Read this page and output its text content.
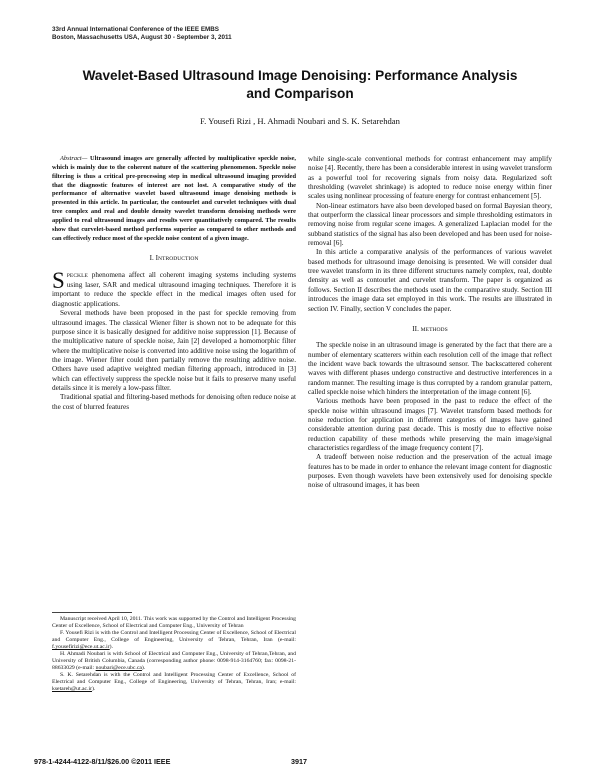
33rd Annual International Conference of the IEEE EMBS
Boston, Massachusetts USA, August 30 - September 3, 2011
Wavelet-Based Ultrasound Image Denoising: Performance Analysis
and Comparison
F. Yousefi Rizi , H. Ahmadi Noubari and S. K. Setarehdan

Abstract— Ultrasound images are generally affected by multiplicative speckle noise, which is mainly due to the coherent nature of the scattering phenomenon. Speckle noise filtering is thus a critical pre-processing step in medical ultrasound imaging provided that the diagnostic features of interest are not lost. A comparative study of the performance of alternative wavelet based ultrasound image denoising methods is presented in this article. In particular, the contourlet and curvelet techniques with dual tree complex and real and double density wavelet transform denoising methods were applied to real ultrasound images and results were quantitatively compared. The results show that curvelet-based method performs superior as compared to other methods and can effectively reduce most of the speckle noise content of a given image.

I. INTRODUCTION

SPECKLE phenomena affect all coherent imaging systems including systems using laser, SAR and medical ultrasound imaging techniques. Therefore it is important to reduce the speckle effect in the medical images often used for diagnostic applications.

Several methods have been proposed in the past for speckle removing from ultrasound images. The classical Wiener filter is shown not to be adequate for this purpose since it is basically designed for additive noise suppression [1]. Because of the multiplicative nature of speckle noise, Jain [2] developed a homomorphic filter where the multiplicative noise is converted into additive noise using the logarithm of the image. Wiener filter could then partially remove the resulting additive noise. Others have used adaptive weighted median filtering approach, introduced in [3] which can effectively suppress the speckle noise but it fails to preserve many useful details since it is merely a low-pass filter.

Traditional spatial and filtering-based methods for denoising often reduce noise at the cost of blurred features

Manuscript received April 10, 2011. This work was supported by the Control and Intelligent Processing Center of Excellence, School of Electrical and Computer Eng., University of Tehran

F. Yousefi Rizi is with the Control and Intelligent Processing Center of Excellence, School of Electrical and Computer Eng., College of Engineering, University of Tehran, Tehran, Iran (e-mail: f.yousefirizi@ece.ut.ac.ir).

H. Ahmadi Noubari is with School of Electrical and Computer Eng., University of Tehran,Tehran, and University of British Columbia, Canada (corresponding author phone: 0098-914-3164760; fax: 0098-21-88633029 (e-mail: noubari@ece.ubc.ca).

S. K. Setarehdan is with the Control and Intelligent Processing Center of Excellence, School of Electrical and Computer Eng., College of Engineering, University of Tehran, Tehran, Iran; e-mail: ksetareh@ut.ac.ir).

while single-scale conventional methods for contrast enhancement may amplify noise [4]. Recently, there has been a considerable interest in using wavelet transform as a powerful tool for recovering signals from noisy data. Regularized soft thresholding (wavelet shrinkage) is adopted to reduce noise energy within finer scales using nonlinear processing of feature energy for contrast enhancement [5].

Non-linear estimators have also been developed based on formal Bayesian theory, that outperform the classical linear processors and simple thresholding estimators in removing noise from regular scene images. A generalized Laplacian model for the subband statistics of the signal has also been developed and has been used for noise-removal [6].

In this article a comparative analysis of the performances of various wavelet based methods for ultrasound image denoising is presented. We will consider dual tree wavelet transform in its three different structures namely complex, real, double density as well as contourlet and curvelet transform. The paper is organized as follows. Section II describes the methods used in the comparative study. Section III introduces the image data set employed in this work. The results are illustrated in section IV. Finally, section V concludes the paper.

II. METHODS

The speckle noise in an ultrasound image is generated by the fact that there are a number of elementary scatterers within each resolution cell of the image that reflect the incident wave back towards the ultrasound sensor. The backscattered coherent waves with different phases undergo constructive and destructive interferences in a random manner. The resulting image is thus corrupted by a random granular pattern, called speckle noise which hinders the interpretation of the image content [6].

Various methods have been proposed in the past to reduce the effect of the speckle noise within ultrasound images [7]. Wavelet transform based methods for noise reduction for application in different categories of images have gained considerable attention during past decade. This is mostly due to effective noise reduction capability of these methods while preserving the main image/signal characteristics regardless of the image frequency content [7].

A tradeoff between noise reduction and the preservation of the actual image features has to be made in order to enhance the relevant image content for diagnostic purposes. Even though wavelets have been extensively used for denoising speckle noise of ultrasound images, it has been

978-1-4244-4122-8/11/$26.00 ©2011 IEEE	3917
